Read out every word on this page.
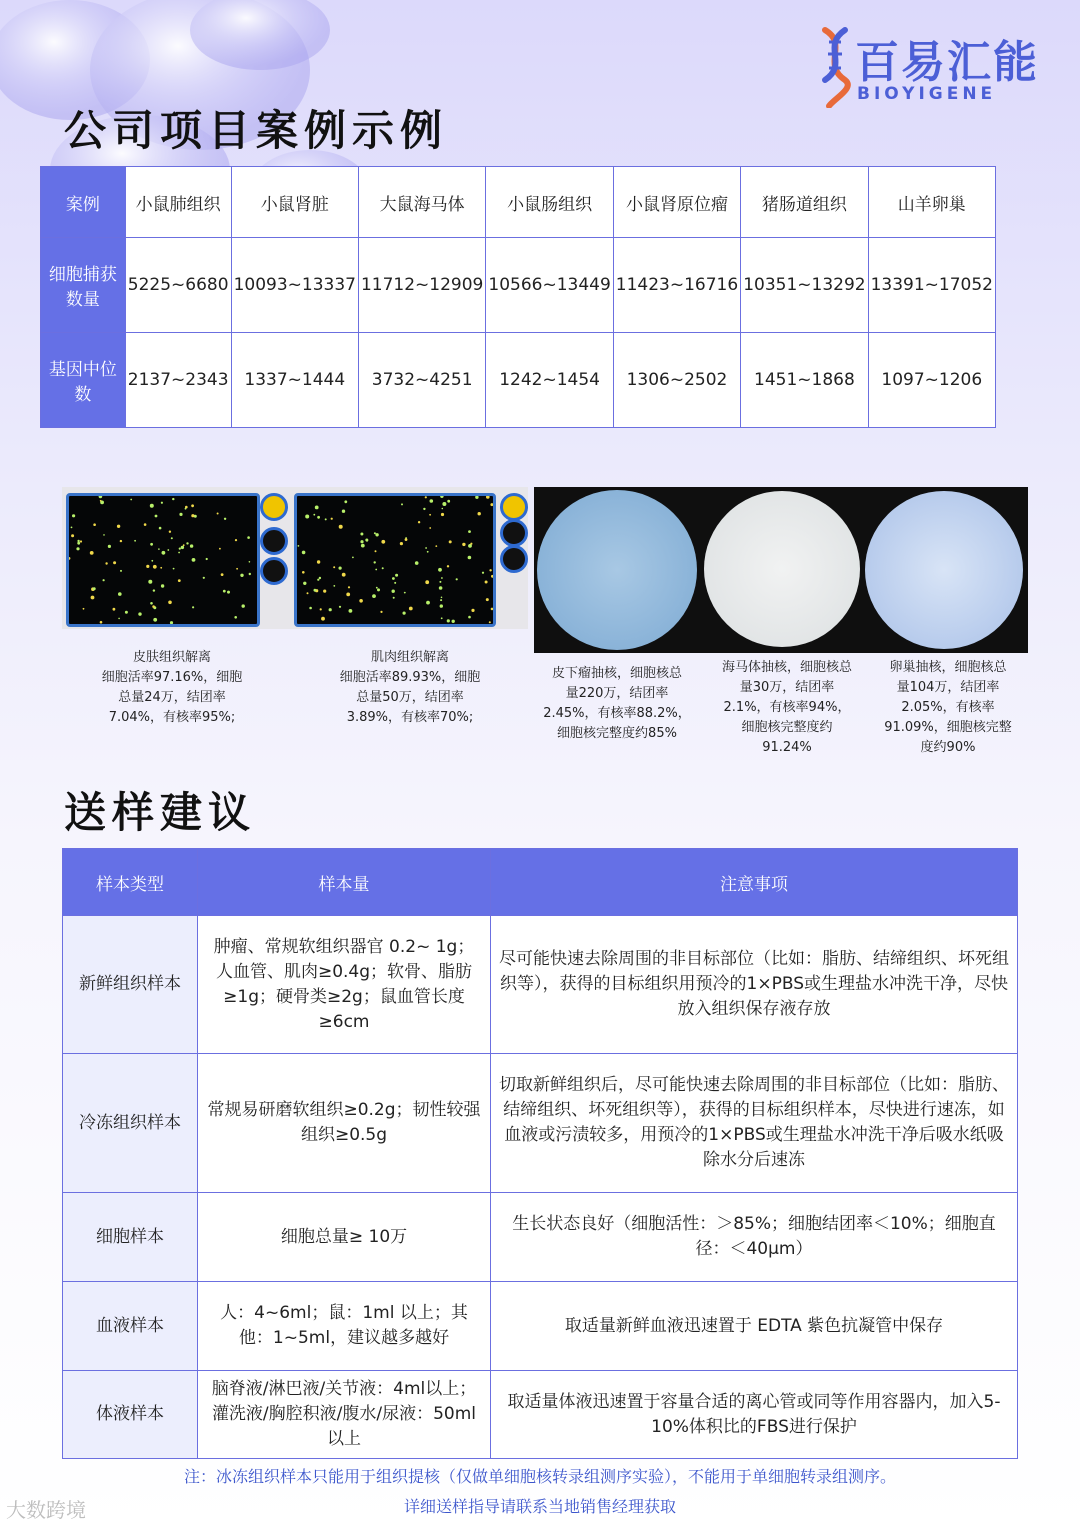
百易汇能
BIOYIGENE
公司项目案例示例
案例	小鼠肺组织	小鼠肾脏	大鼠海马体	小鼠肠组织	小鼠肾原位瘤	猪肠道组织	山羊卵巢
细胞捕获数量	5225~6680	10093~13337	11712~12909	10566~13449	11423~16716	10351~13292	13391~17052
基因中位数	2137~2343	1337~1444	3732~4251	1242~1454	1306~2502	1451~1868	1097~1206
皮肤组织解离
细胞活率97.16%，细胞
总量24万，结团率
7.04%，有核率95%;
肌肉组织解离
细胞活率89.93%，细胞
总量50万，结团率
3.89%，有核率70%;
皮下瘤抽核，细胞核总
量220万，结团率
2.45%，有核率88.2%，
细胞核完整度约85%
海马体抽核，细胞核总
量30万，结团率
2.1%，有核率94%，
细胞核完整度约
91.24%
卵巢抽核，细胞核总
量104万，结团率
2.05%，有核率
91.09%，细胞核完整
度约90%
送样建议
样本类型	样本量	注意事项
新鲜组织样本	肿瘤、常规软组织器官 0.2~ 1g；人血管、肌肉≥0.4g；软骨、脂肪≥1g；硬骨类≥2g；鼠血管长度≥6cm	尽可能快速去除周围的非目标部位（比如：脂肪、结缔组织、坏死组织等），获得的目标组织用预冷的1×PBS或生理盐水冲洗干净，尽快放入组织保存液存放
冷冻组织样本	常规易研磨软组织≥0.2g；韧性较强组织≥0.5g	切取新鲜组织后，尽可能快速去除周围的非目标部位（比如：脂肪、结缔组织、坏死组织等），获得的目标组织样本，尽快进行速冻，如血液或污渍较多，用预冷的1×PBS或生理盐水冲洗干净后吸水纸吸除水分后速冻
细胞样本	细胞总量≥ 10万	生长状态良好（细胞活性：＞85%；细胞结团率＜10%；细胞直径：＜40μm）
血液样本	人：4~6ml；鼠：1ml 以上；其他：1~5ml，建议越多越好	取适量新鲜血液迅速置于 EDTA 紫色抗凝管中保存
体液样本	脑脊液/淋巴液/关节液：4ml以上；灌洗液/胸腔积液/腹水/尿液：50ml以上	取适量体液迅速置于容量合适的离心管或同等作用容器内，加入5-10%体积比的FBS进行保护
注：冰冻组织样本只能用于组织提核（仅做单细胞核转录组测序实验），不能用于单细胞转录组测序。
详细送样指导请联系当地销售经理获取
大数跨境
